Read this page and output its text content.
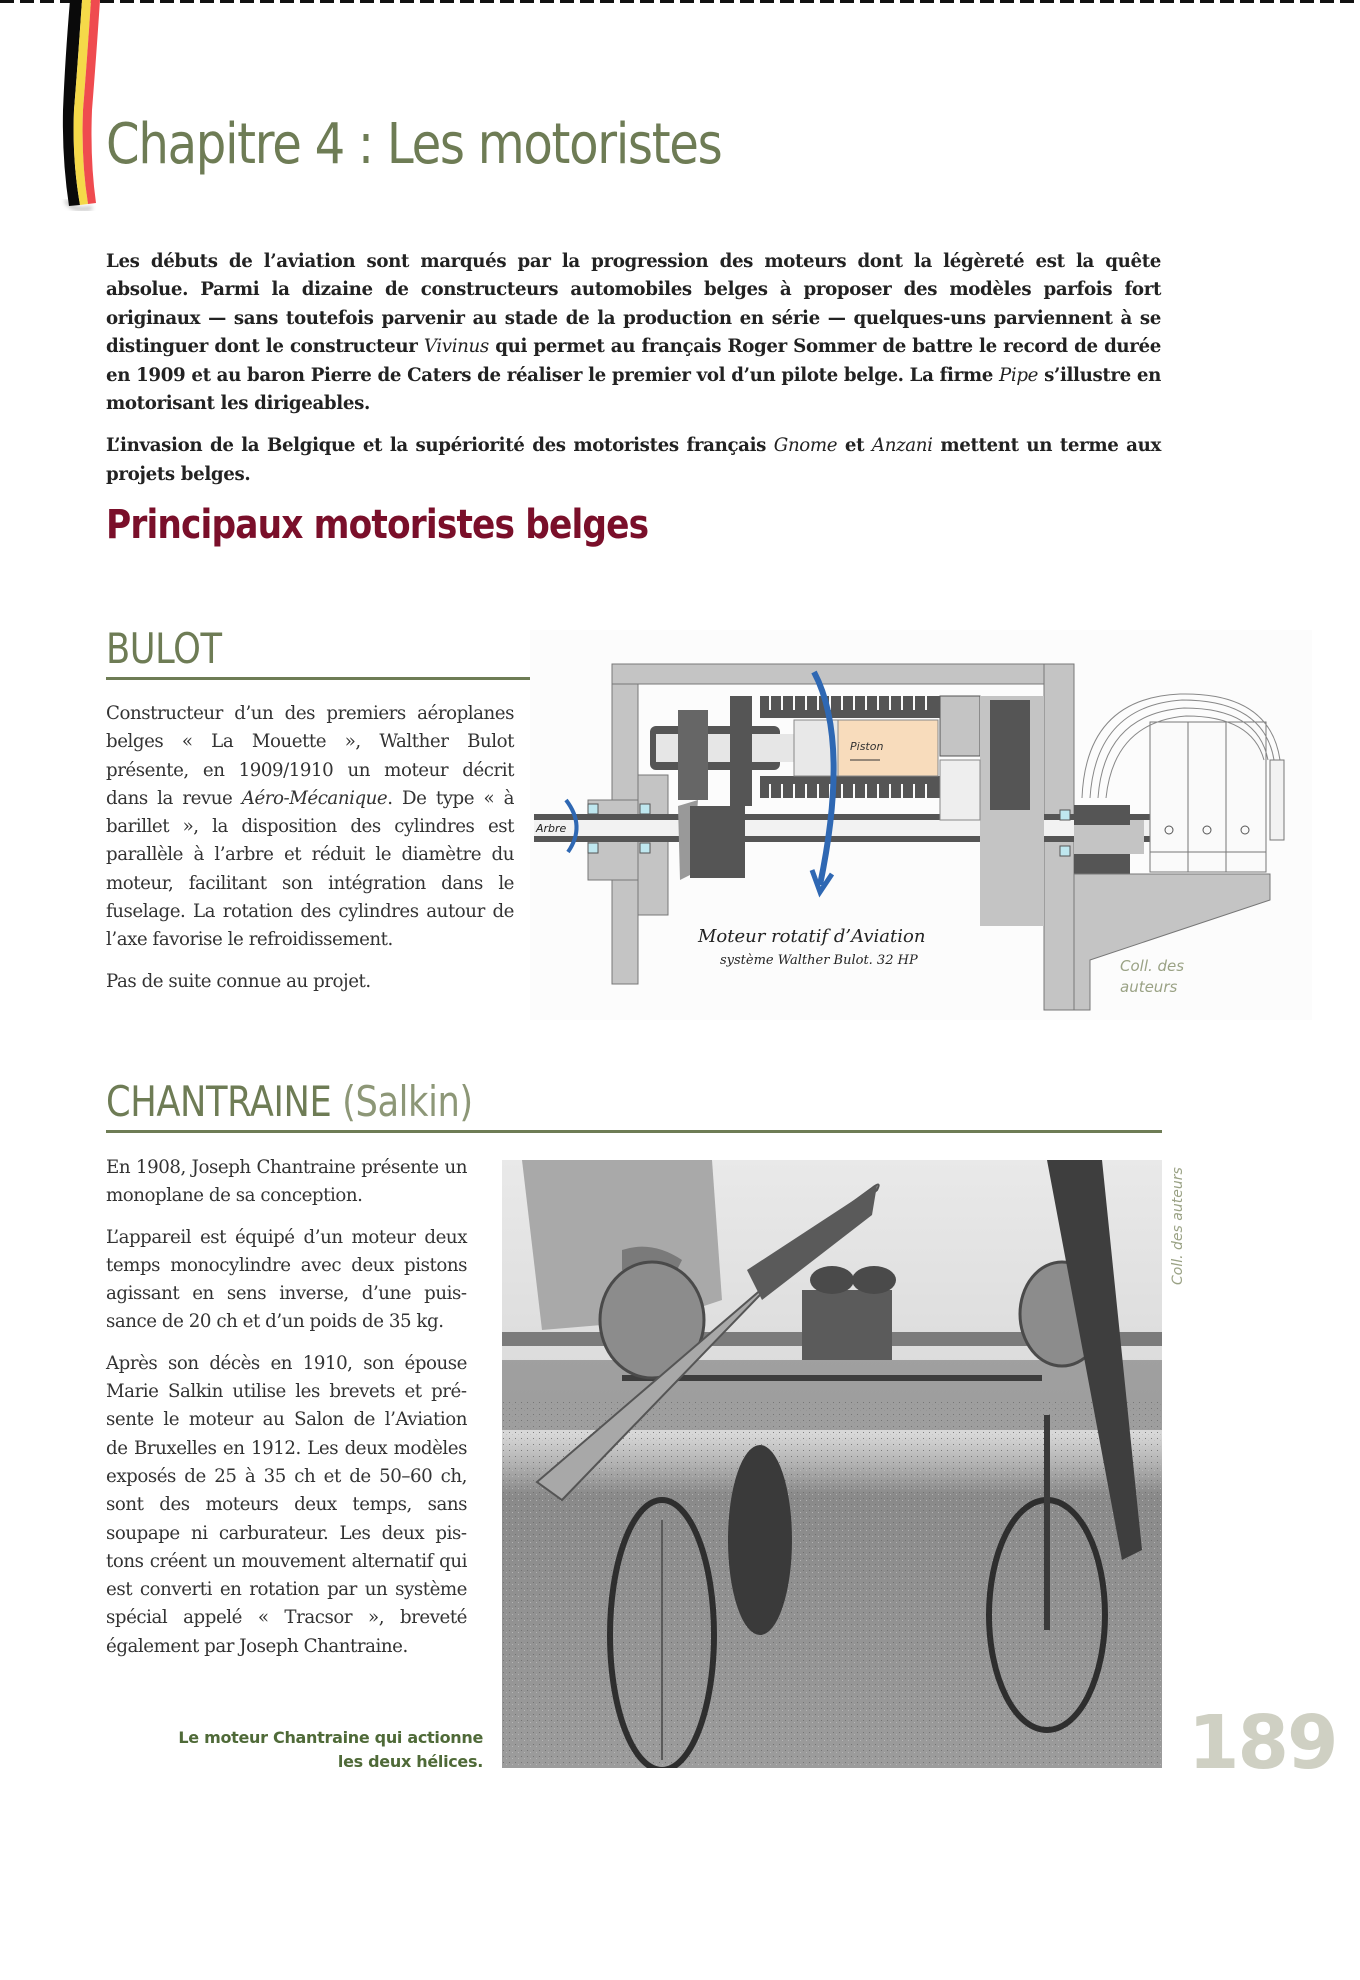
Chapitre 4 : Les motoristes

Les débuts de l’aviation sont marqués par la progression des moteurs dont la légèreté est la quête absolue. Parmi la dizaine de constructeurs automobiles belges à proposer des modèles parfois fort originaux — sans toutefois parvenir au stade de la production en série — quelques-uns parviennent à se distinguer dont le constructeur Vivinus qui permet au français Roger Sommer de battre le record de durée en 1909 et au baron Pierre de Caters de réaliser le premier vol d’un pilote belge. La firme Pipe s’illustre en motorisant les dirigeables.

L’invasion de la Belgique et la supériorité des motoristes français Gnome et Anzani mettent un terme aux projets belges.

Principaux motoristes belges
BULOT

Constructeur d’un des premiers aéroplanes belges « La Mouette », Walther Bulot présente, en 1909/1910 un moteur décrit dans la revue Aéro-Mécanique. De type « à barillet », la disposition des cylindres est parallèle à l’arbre et réduit le diamètre du moteur, facilitant son intégration dans le fuselage. La rotation des cylindres autour de l’axe favorise le refroidissement.

Pas de suite connue au projet.

Arbre
Piston
Moteur rotatif d’Aviation
système Walther Bulot. 32 HP	Coll. des
auteurs
CHANTRAINE (Salkin)

En 1908, Joseph Chantraine présente un monoplane de sa conception.

L’appareil est équipé d’un moteur deux temps monocylindre avec deux pistons agissant en sens inverse, d’une puissance de 20 ch et d’un poids de 35 kg.

Après son décès en 1910, son épouse Marie Salkin utilise les brevets et présente le moteur au Salon de l’Aviation de Bruxelles en 1912. Les deux modèles exposés de 25 à 35 ch et de 50–60 ch, sont des moteurs deux temps, sans soupape ni carburateur. Les deux pistons créent un mouvement alternatif qui est converti en rotation par un système spécial appelé « Tracsor », breveté également par Joseph Chantraine.

Coll. des auteurs
Le moteur Chantraine qui actionne
les deux hélices.	189
